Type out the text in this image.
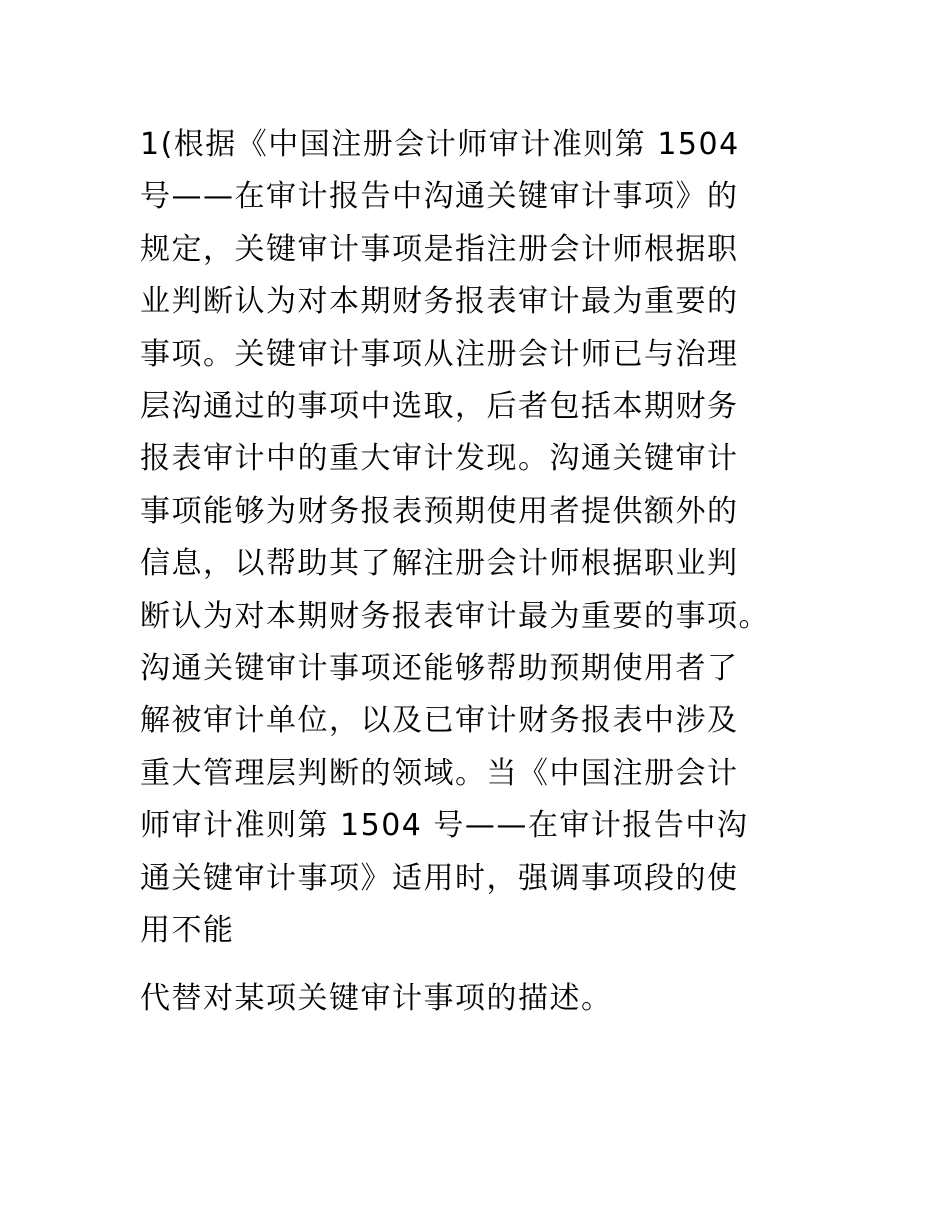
1(根据《中国注册会计师审计准则第 1504
号——在审计报告中沟通关键审计事项》的
规定，关键审计事项是指注册会计师根据职
业判断认为对本期财务报表审计最为重要的
事项。关键审计事项从注册会计师已与治理
层沟通过的事项中选取，后者包括本期财务
报表审计中的重大审计发现。沟通关键审计
事项能够为财务报表预期使用者提供额外的
信息，以帮助其了解注册会计师根据职业判
断认为对本期财务报表审计最为重要的事项。
沟通关键审计事项还能够帮助预期使用者了
解被审计单位，以及已审计财务报表中涉及
重大管理层判断的领域。当《中国注册会计
师审计准则第 1504 号——在审计报告中沟
通关键审计事项》适用时，强调事项段的使
用不能

代替对某项关键审计事项的描述。
